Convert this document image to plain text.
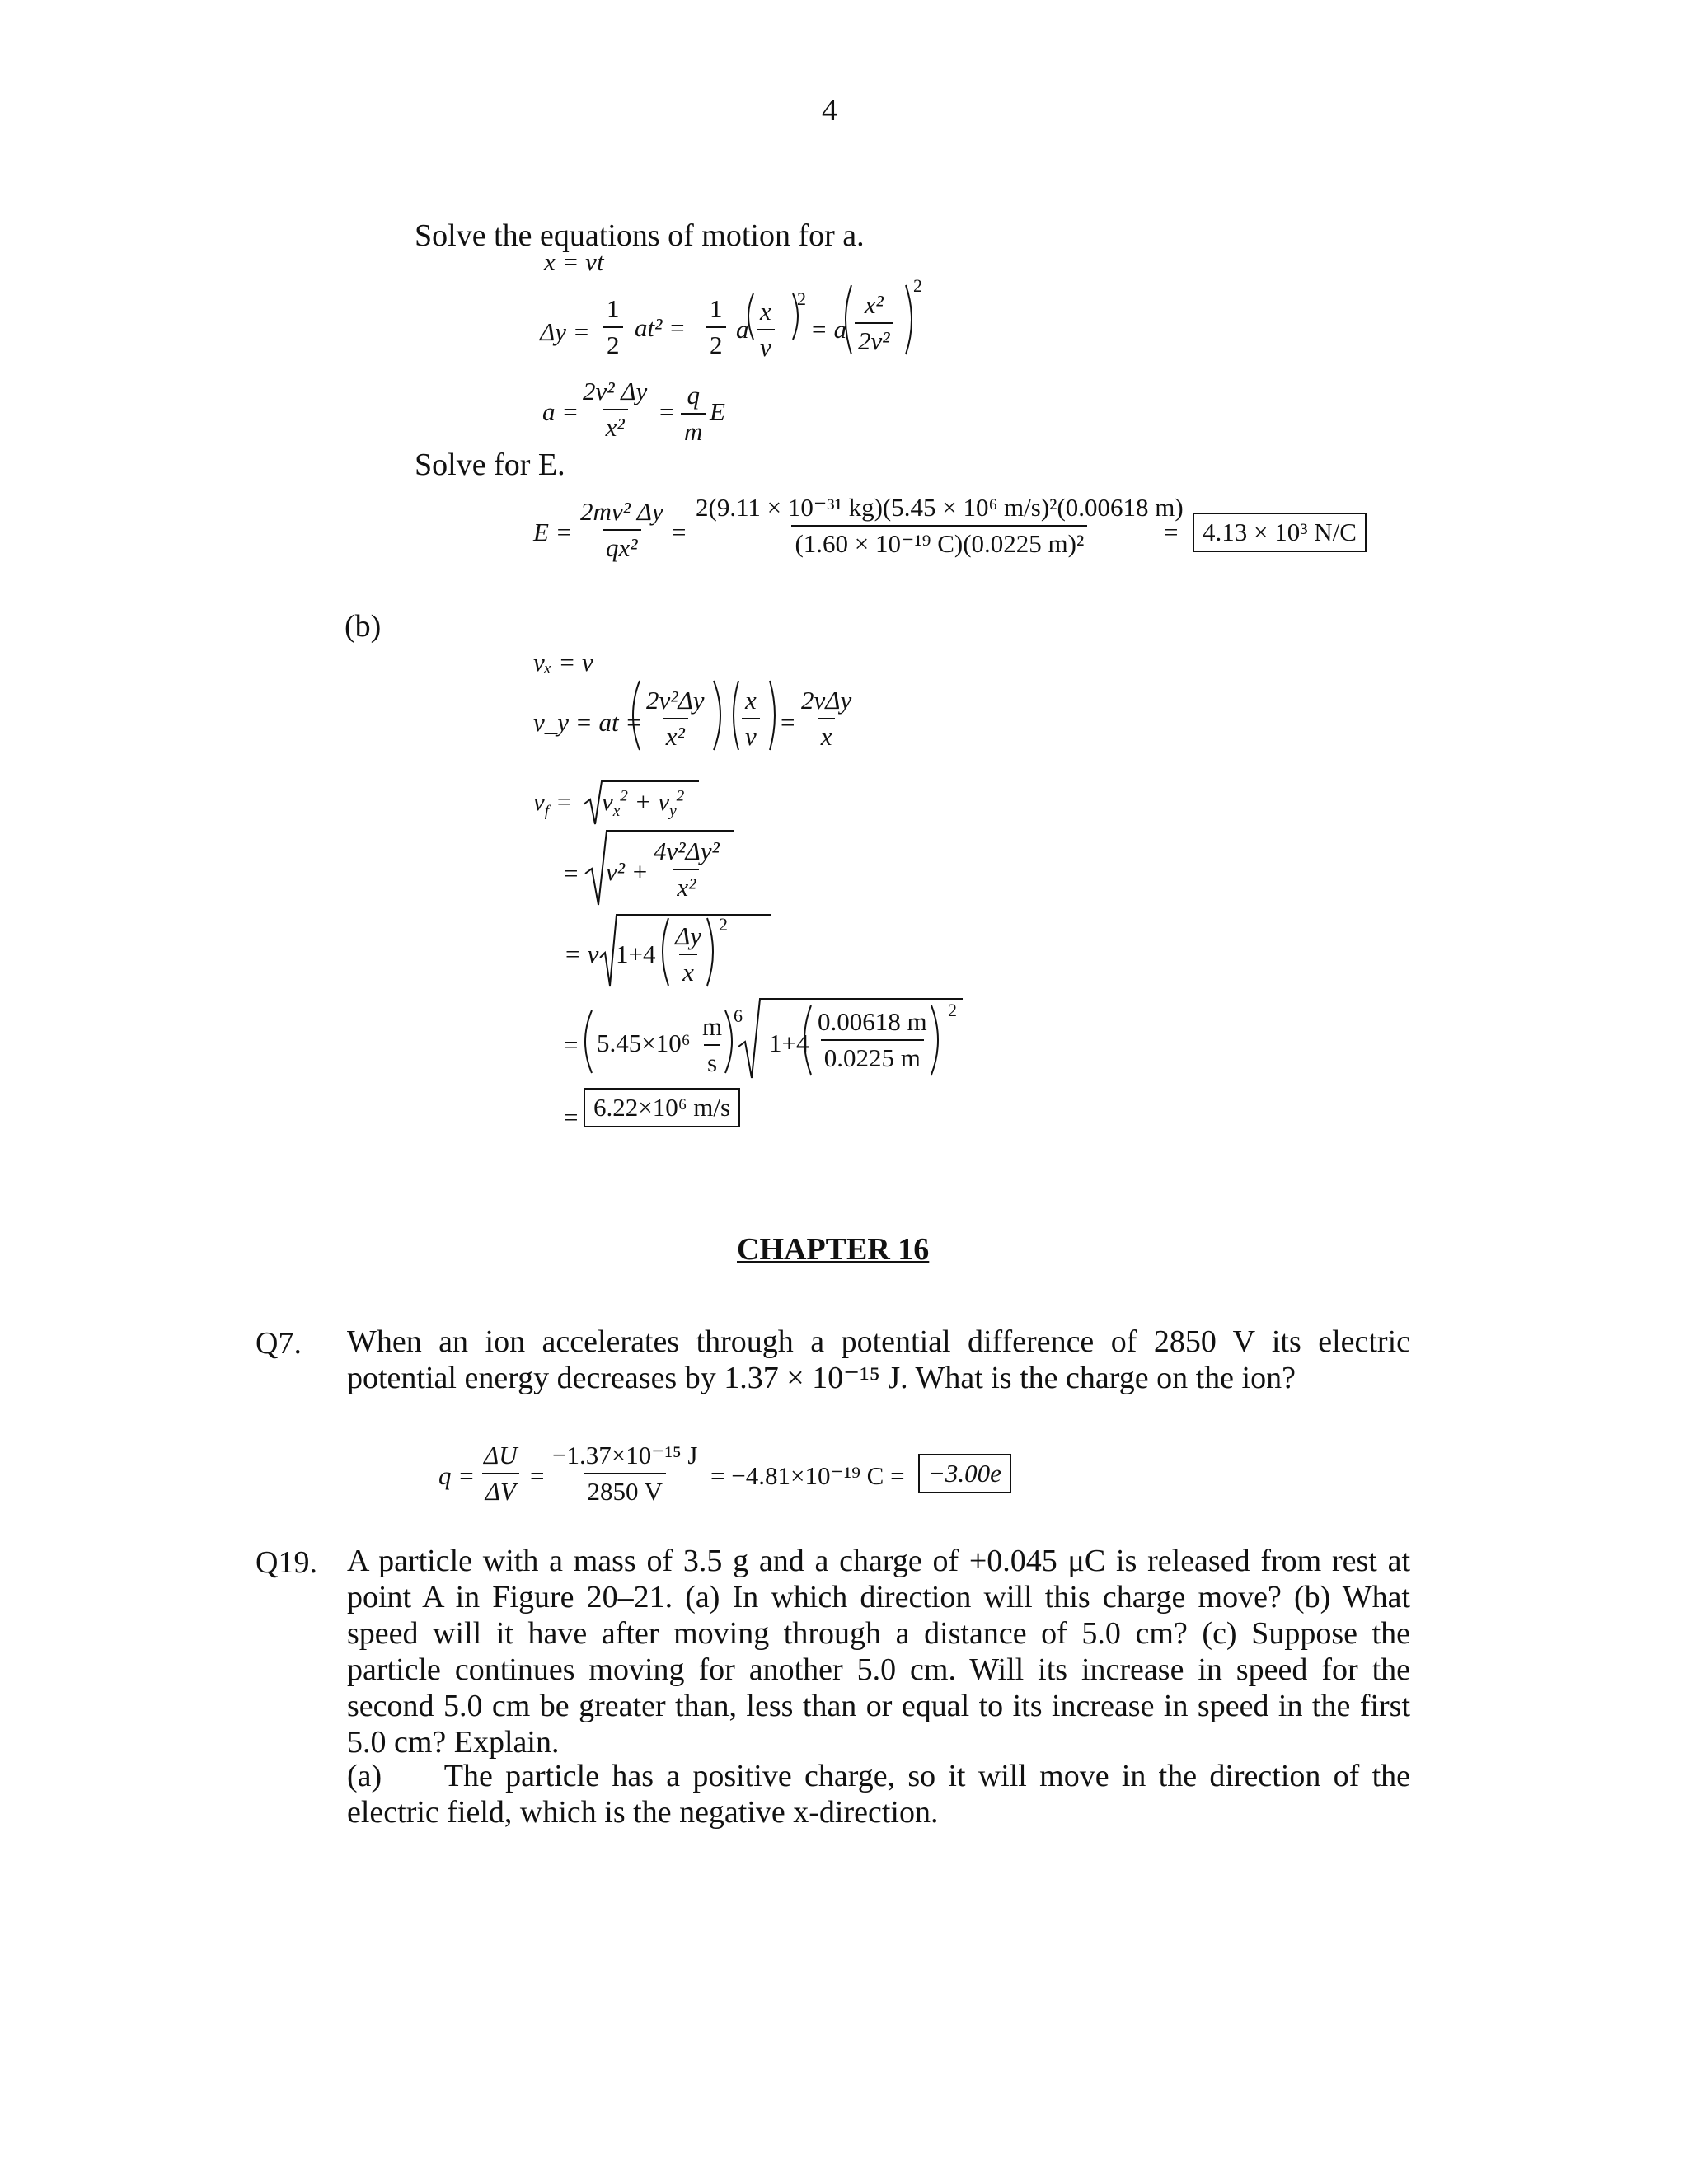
4
Solve the equations of motion for a.
x = vt
$\Delta y = \frac{1}{2} at^2 = \frac{1}{2}$ a $\frac{x}{v} 2$
= a $\frac{\text{x²}}{\text{2v²}}$
$a = \frac{\text{2v² Δy}}{\text{x²}} = \frac{q}{m}$ E
Solve for E.
$E = \frac{\text{2mv² Δy}}{\text{qx²}} = \frac{\text{2(9.11 × 10⁻³¹ kg)(5.45 × 10⁶ m/s)²(0.00618 m)}}{\text{(1.60 × 10⁻¹⁹ C)(0.0225 m)²}}$
= 4.13 × 10³ N/C
(b)
vₓ = v
v_y = at = $\frac{\text{2v²Δy}}{\text{x²}} \frac{x}{v}$ =
2vΔy
x
$v_f = v_x^2 + v_y^2$
= $v^2 + \frac{\text{4v²Δy²}}{\text{x²}}$
= v $1+4 \frac{\Delta y}{x}$
= $5.45\times 10^6 \frac{m}{s} 1+4 \frac{0.00618 m}{0.0225 m}$
= 6.22×10⁶ m/s
2
2
6
2
CHAPTER 16
Q7. When an ion accelerates through a potential difference of 2850 V its electric potential energy decreases by 1.37 × 10⁻¹⁵ J. What is the charge on the ion?
$q = \frac{\Delta U}{\Delta V} = \frac{\text{−1.37×10⁻¹⁵ J}}{2850 V} = -4.81\times 10^{-19}$ C = −3.00e
Q19. A particle with a mass of 3.5 g and a charge of +0.045 μC is released from rest at point A in Figure 20–21. (a) In which direction will this charge move? (b) What speed will it have after moving through a distance of 5.0 cm? (c) Suppose the particle continues moving for another 5.0 cm. Will its increase in speed for the second 5.0 cm be greater than, less than or equal to its increase in speed in the first 5.0 cm? Explain.
(a)     The particle has a positive charge, so it will move in the direction of the electric field, which is the negative x-direction.
